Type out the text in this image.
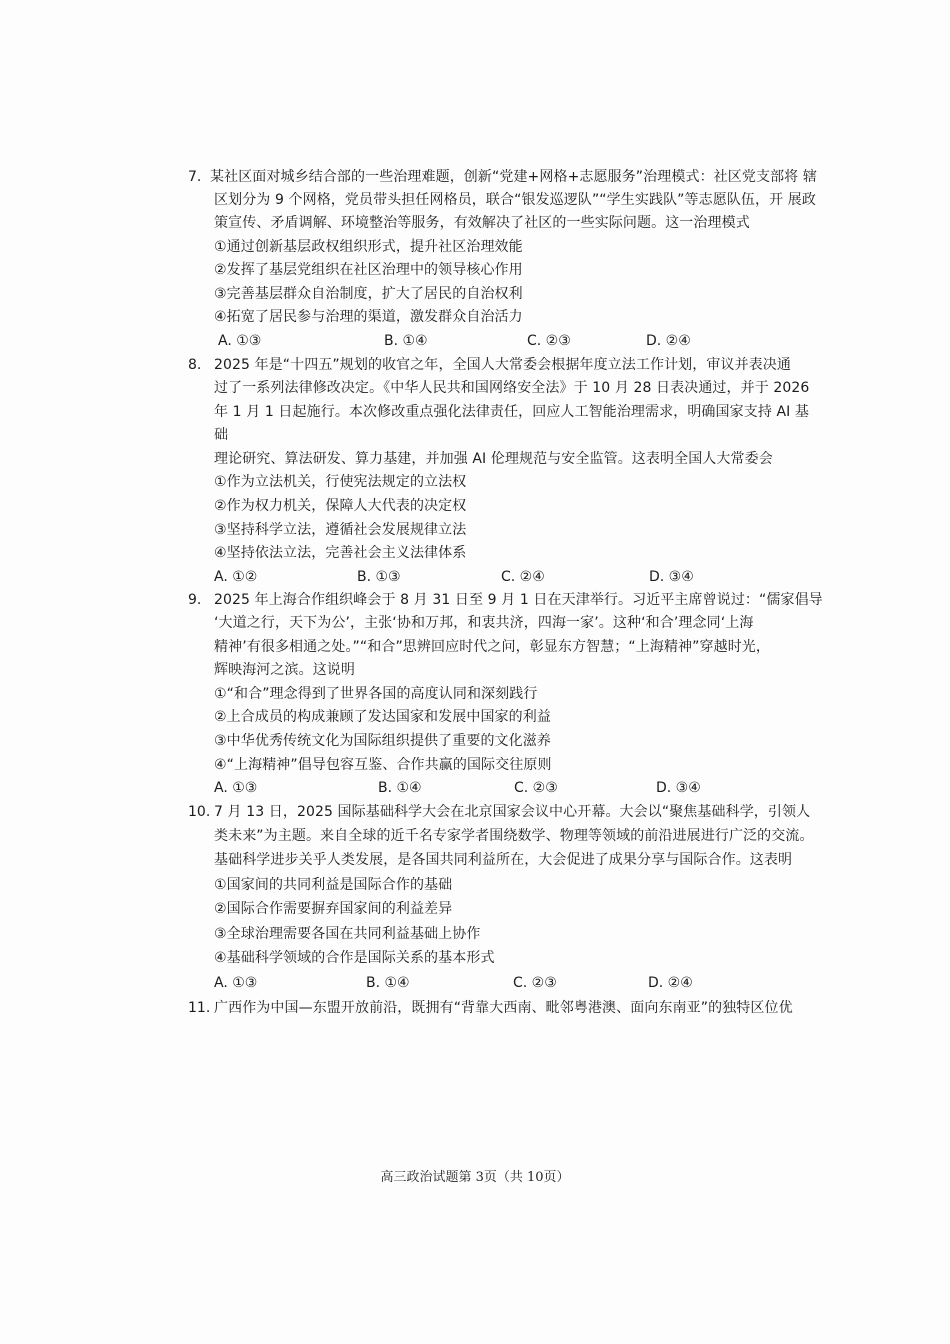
7. 某社区面对城乡结合部的一些治理难题，创新“党建+网格+志愿服务”治理模式：社区党支部将 辖
区划分为 9 个网格，党员带头担任网格员，联合“银发巡逻队”“学生实践队”等志愿队伍，开 展政
策宣传、矛盾调解、环境整治等服务，有效解决了社区的一些实际问题。这一治理模式
①通过创新基层政权组织形式，提升社区治理效能
②发挥了基层党组织在社区治理中的领导核心作用
③完善基层群众自治制度，扩大了居民的自治权利
④拓宽了居民参与治理的渠道，激发群众自治活力
A. ①③	B. ①④	C. ②③	D. ②④
8. 2025 年是“十四五”规划的收官之年，全国人大常委会根据年度立法工作计划，审议并表决通
过了一系列法律修改决定。《中华人民共和国网络安全法》于 10 月 28 日表决通过，并于 2026
年 1 月 1 日起施行。本次修改重点强化法律责任，回应人工智能治理需求，明确国家支持 AI 基
础
理论研究、算法研发、算力基建，并加强 AI 伦理规范与安全监管。这表明全国人大常委会
①作为立法机关，行使宪法规定的立法权
②作为权力机关，保障人大代表的决定权
③坚持科学立法，遵循社会发展规律立法
④坚持依法立法，完善社会主义法律体系
A. ①②	B. ①③	C. ②④	D. ③④
9. 2025 年上海合作组织峰会于 8 月 31 日至 9 月 1 日在天津举行。习近平主席曾说过：“儒家倡导
‘大道之行，天下为公’，主张‘协和万邦，和衷共济，四海一家’。这种‘和合’理念同‘上海
精神’有很多相通之处。”“和合”思辨回应时代之问，彰显东方智慧；“上海精神”穿越时光，
辉映海河之滨。这说明
①“和合”理念得到了世界各国的高度认同和深刻践行
②上合成员的构成兼顾了发达国家和发展中国家的利益
③中华优秀传统文化为国际组织提供了重要的文化滋养
④“上海精神”倡导包容互鉴、合作共赢的国际交往原则
A. ①③	B. ①④	C. ②③	D. ③④
10. 7 月 13 日，2025 国际基础科学大会在北京国家会议中心开幕。大会以“聚焦基础科学，引领人
类未来”为主题。来自全球的近千名专家学者围绕数学、物理等领域的前沿进展进行广泛的交流。
基础科学进步关乎人类发展，是各国共同利益所在，大会促进了成果分享与国际合作。这表明
①国家间的共同利益是国际合作的基础
②国际合作需要摒弃国家间的利益差异
③全球治理需要各国在共同利益基础上协作
④基础科学领域的合作是国际关系的基本形式
A. ①③	B. ①④	C. ②③	D. ②④
11. 广西作为中国—东盟开放前沿，既拥有“背靠大西南、毗邻粤港澳、面向东南亚”的独特区位优
高三政治试题第 3页（共 10页）
